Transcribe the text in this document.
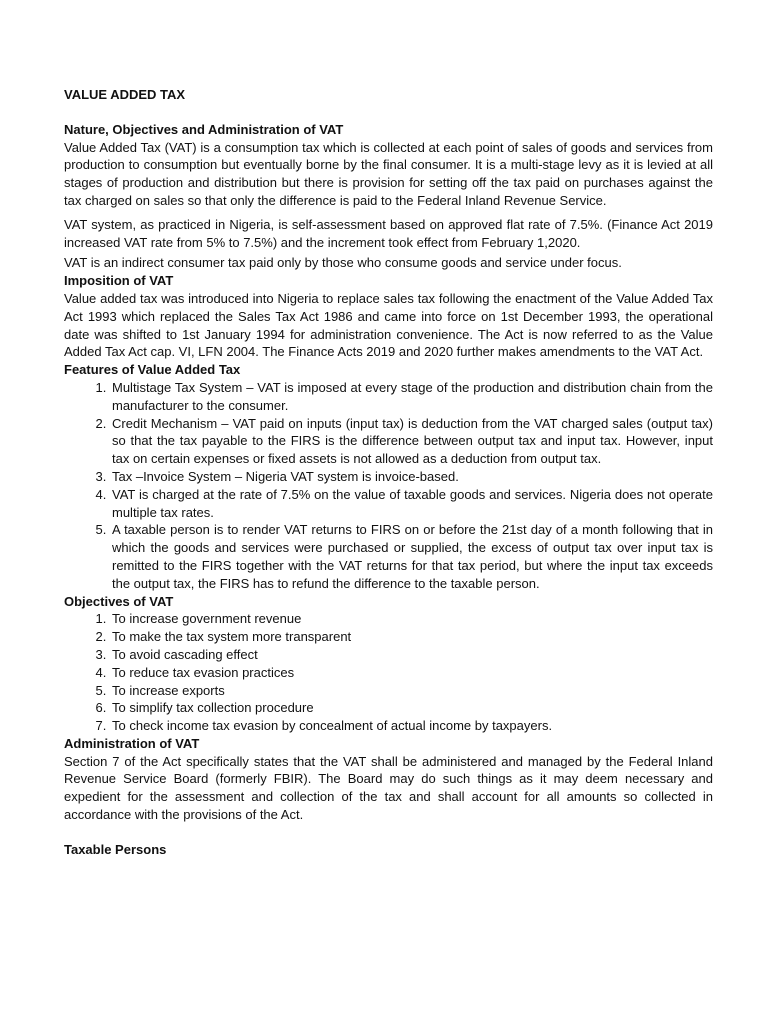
VALUE ADDED TAX
Nature, Objectives and Administration of VAT

Value Added Tax (VAT) is a consumption tax which is collected at each point of sales of goods and services from production to consumption but eventually borne by the final consumer. It is a multi-stage levy as it is levied at all stages of production and distribution but there is provision for setting off the tax paid on purchases against the tax charged on sales so that only the difference is paid to the Federal Inland Revenue Service.

VAT system, as practiced in Nigeria, is self-assessment based on approved flat rate of 7.5%. (Finance Act 2019 increased VAT rate from 5% to 7.5%) and the increment took effect from February 1,2020.

VAT is an indirect consumer tax paid only by those who consume goods and service under focus.

Imposition of VAT

Value added tax was introduced into Nigeria to replace sales tax following the enactment of the Value Added Tax Act 1993 which replaced the Sales Tax Act 1986 and came into force on 1st December 1993, the operational date was shifted to 1st January 1994 for administration convenience. The Act is now referred to as the Value Added Tax Act cap. VI, LFN 2004. The Finance Acts 2019 and 2020 further makes amendments to the VAT Act.

Features of Value Added Tax
1. Multistage Tax System – VAT is imposed at every stage of the production and distribution chain from the manufacturer to the consumer.
2. Credit Mechanism – VAT paid on inputs (input tax) is deduction from the VAT charged sales (output tax) so that the tax payable to the FIRS is the difference between output tax and input tax. However, input tax on certain expenses or fixed assets is not allowed as a deduction from output tax.
3. Tax –Invoice System – Nigeria VAT system is invoice-based.
4. VAT is charged at the rate of 7.5% on the value of taxable goods and services. Nigeria does not operate multiple tax rates.
5. A taxable person is to render VAT returns to FIRS on or before the 21st day of a month following that in which the goods and services were purchased or supplied, the excess of output tax over input tax is remitted to the FIRS together with the VAT returns for that tax period, but where the input tax exceeds the output tax, the FIRS has to refund the difference to the taxable person.
Objectives of VAT
1. To increase government revenue
2. To make the tax system more transparent
3. To avoid cascading effect
4. To reduce tax evasion practices
5. To increase exports
6. To simplify tax collection procedure
7. To check income tax evasion by concealment of actual income by taxpayers.
Administration of VAT

Section 7 of the Act specifically states that the VAT shall be administered and managed by the Federal Inland Revenue Service Board (formerly FBIR). The Board may do such things as it may deem necessary and expedient for the assessment and collection of the tax and shall account for all amounts so collected in accordance with the provisions of the Act.

Taxable Persons
